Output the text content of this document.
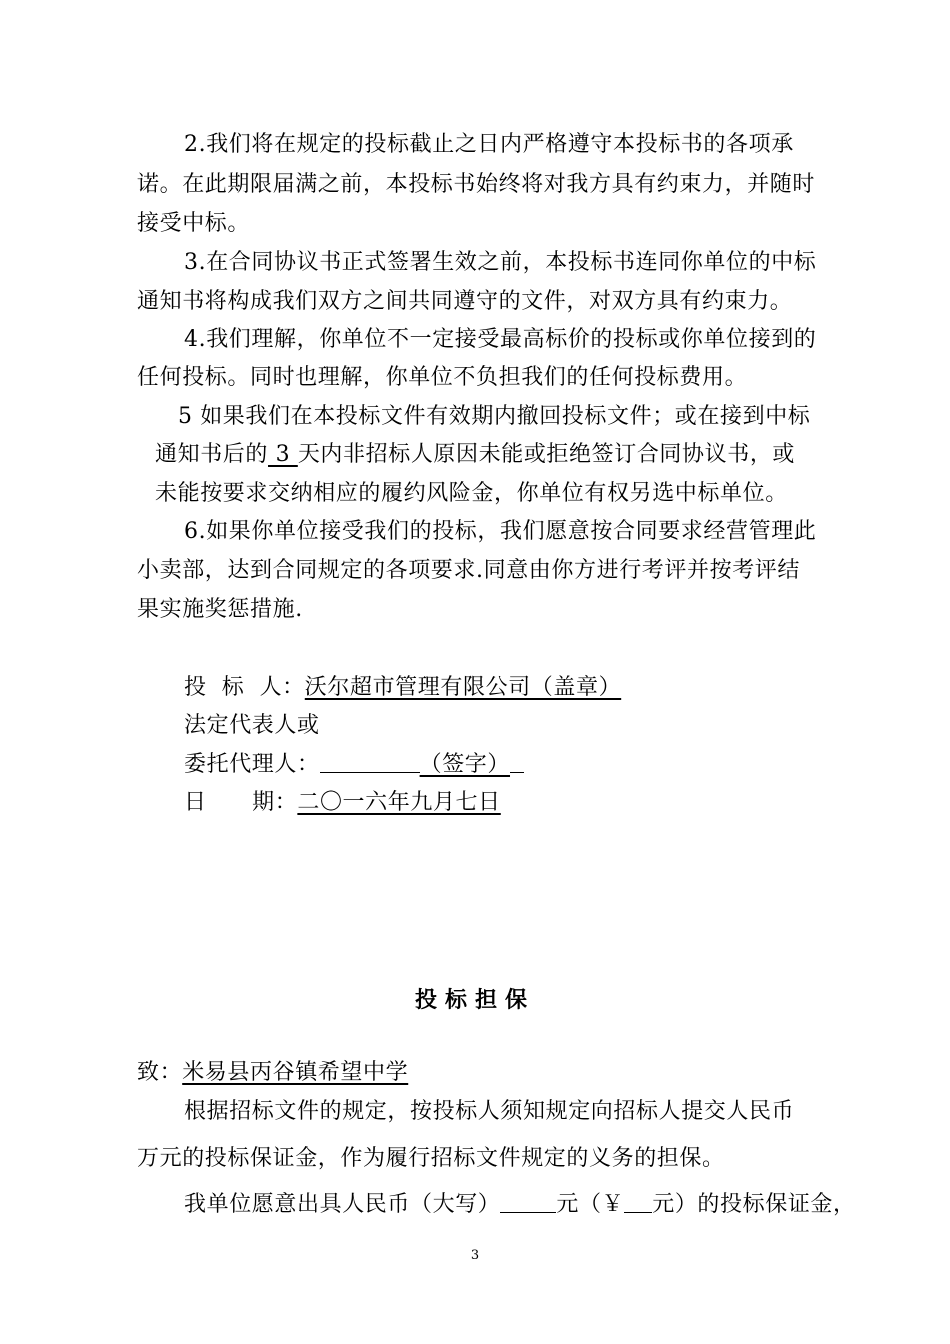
2.我们将在规定的投标截止之日内严格遵守本投标书的各项承
诺。在此期限届满之前，本投标书始终将对我方具有约束力，并随时
接受中标。
3.在合同协议书正式签署生效之前，本投标书连同你单位的中标
通知书将构成我们双方之间共同遵守的文件，对双方具有约束力。
4.我们理解，你单位不一定接受最高标价的投标或你单位接到的
任何投标。同时也理解，你单位不负担我们的任何投标费用。
5 如果我们在本投标文件有效期内撤回投标文件；或在接到中标
通知书后的 3 天内非招标人原因未能或拒绝签订合同协议书，或
未能按要求交纳相应的履约风险金，你单位有权另选中标单位。
6.如果你单位接受我们的投标，我们愿意按合同要求经营管理此
小卖部，达到合同规定的各项要求.同意由你方进行考评并按考评结
果实施奖惩措施.
投  标  人：沃尔超市管理有限公司（盖章）
法定代表人或
委托代理人：	（签字）
日      期：二〇一六年九月七日
投标担保
致：米易县丙谷镇希望中学
根据招标文件的规定，按投标人须知规定向招标人提交人民币
万元的投标保证金，作为履行招标文件规定的义务的担保。
我单位愿意出具人民币（大写）	元（￥ 元）的投标保证金，
3
